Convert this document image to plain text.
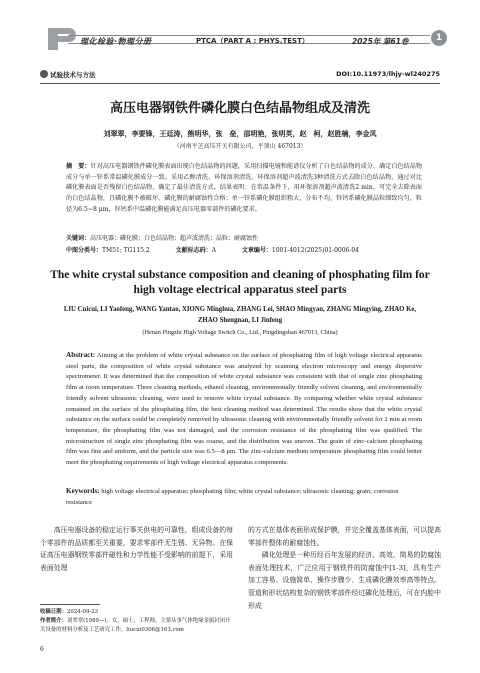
理化检验·物理分册	PTCA（PART A : PHYS.TEST）	2025年 第61卷	1
试验技术与方法	DOI:10.11973/lhjy-wl240275
高压电器钢铁件磷化膜白色结晶物组成及清洗
刘翠翠，李要锋，王廷涛，熊明华，张　垒，邵明艳，张明英，赵　柯，赵胜楠，李金凤
（河南平芝高压开关有限公司，平顶山 467013）
摘　要：针对高压电器钢铁件磷化膜表面出现白色结晶物的问题，采用扫描电镜和能谱仪分析了白色结晶物的成分，确定白色结晶物成分与单一锌系常温磷化膜成分一致。采用乙醇清洗、环保溶剂清洗、环保溶剂超声波清洗3种清洗方式去除白色结晶物，通过对比磷化膜表面是否残留白色结晶物，确定了最佳清洗方式。结果表明：在常温条件下，用环保溶剂超声波清洗2 min，可完全去除表面的白色结晶物，且磷化膜不被破坏，磷化膜的耐腐蚀性合格；单一锌系磷化膜组织粗大，分布不均，锌钙系磷化膜晶粒细致均匀，粒径为6.5~8 μm，锌钙系中温磷化膜能满足高压电器零部件的磷化要求。
关键词：高压电器；磷化膜；白色结晶物；超声波清洗；晶粒；耐腐蚀性
中图分类号：TM51; TG115.2	文献标志码：A	文章编号：1001-4012(2025)01-0006-04
The white crystal substance composition and cleaning of phosphating film for high voltage electrical apparatus steel parts
LIU Cuicui, LI Yaofeng, WANG Yantao, XIONG Minghua, ZHANG Lei, SHAO Mingyan, ZHANG Mingying, ZHAO Ke, ZHAO Shengnan, LI Jinfeng
(Henan Pingzhi High Voltage Switch Co., Ltd., Pingdingshan 467013, China)
Abstract: Aiming at the problem of white crystal substance on the surface of phosphating film of high voltage electrical apparatus steel parts, the composition of white crystal substance was analyzed by scanning electron microscopy and energy dispersive spectrometer. It was determined that the composition of white crystal substance was consistent with that of single zinc phosphating film at room temperature. Three cleaning methods, ethanol cleaning, environmentally friendly solvent cleaning, and environmentally friendly solvent ultrasonic cleaning, were used to remove white crystal substance. By comparing whether white crystal substance remained on the surface of the phosphating film, the best cleaning method was determined. The results show that the white crystal substance on the surface could be completely removed by ultrasonic cleaning with environmentally friendly solvent for 2 min at room temperature, the phosphating film was not damaged, and the corrosion resistance of the phosphating film was qualified. The microstructure of single zinc phosphating film was coarse, and the distribution was uneven. The grain of zinc-calcium phosphating film was fine and uniform, and the particle size was 6.5—8 μm. The zinc-calcium medium temperature phosphating film could better meet the phosphating requirements of high voltage electrical apparatus components.
Keywords: high voltage electrical apparatus; phosphating film; white crystal substance; ultrasonic cleaning; grain; corrosion resistance

高压电器设备的稳定运行事关供电的可靠性，组成设备的每个零部件的品质都至关重要，要求零部件无生锈、无异物。在保证高压电器钢铁零部件磁性和力学性能不受影响的前提下，采用表面处理

的方式在基体表面形成保护膜，并完全覆盖基体表面，可以提高零部件整体的耐腐蚀性。

磷化处理是一种历经百年发展的经济、高效、简易的防腐蚀表面处理技术，广泛应用于钢铁件的防腐蚀中[1-3]，具有生产加工容易、设施简单、操作步骤少、生成磷化膜效率高等特点。管道和形状结构复杂的钢铁零部件经过磷化处理后，可在内腔中形成

收稿日期：2024-09-23
作者简介：刘翠翠(1989—)，女，硕士，工程师，主要从事气体绝缘金属封闭开关设备的材料分析及工艺研究工作，liucui0306@163.com
6
